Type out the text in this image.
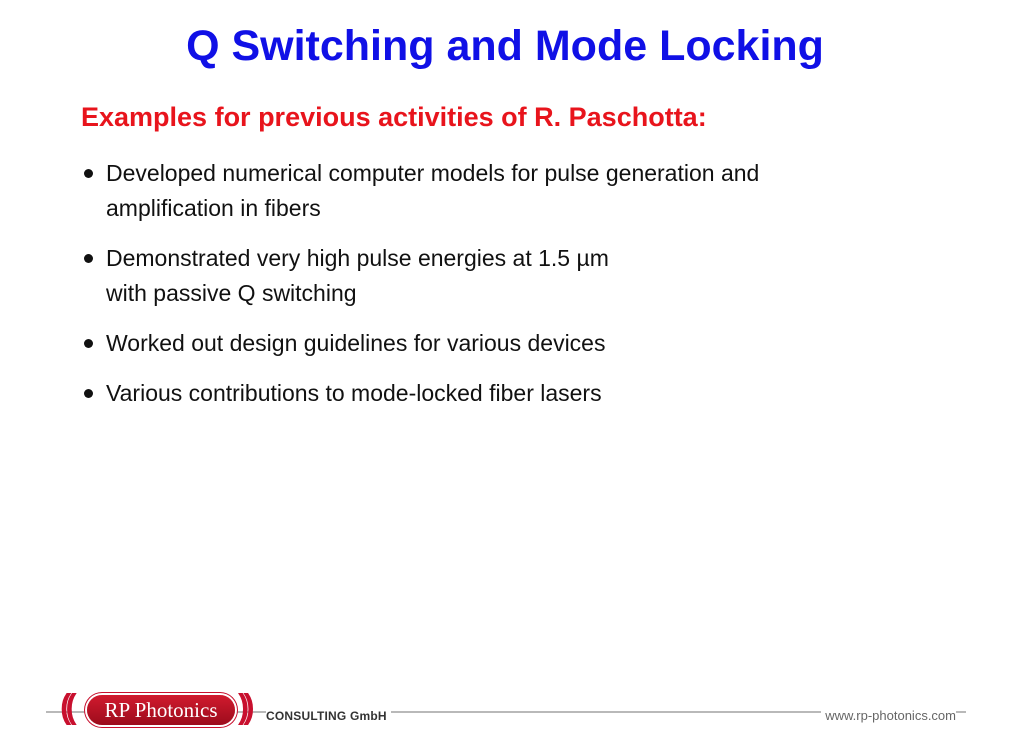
Q Switching and Mode Locking
Examples for previous activities of R. Paschotta:
Developed numerical computer models for pulse generation and
amplification in fibers
Demonstrated very high pulse energies at 1.5 µm
with passive Q switching
Worked out design guidelines for various devices
Various contributions to mode-locked fiber lasers
((	RP Photonics )) CONSULTING GmbH	www.rp-photonics.com
